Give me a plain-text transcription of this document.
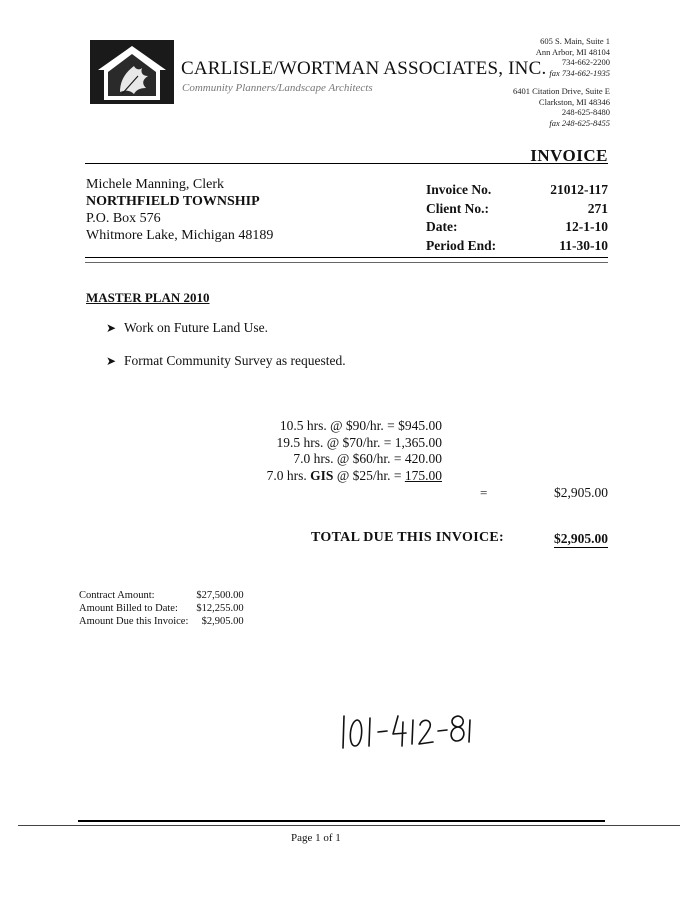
CARLISLE/WORTMAN ASSOCIATES, INC.
Community Planners/Landscape Architects
605 S. Main, Suite 1
Ann Arbor, MI 48104
734-662-2200
fax 734-662-1935
6401 Citation Drive, Suite E
Clarkston, MI 48346
248-625-8480
fax 248-625-8455
INVOICE
Michele Manning, Clerk
NORTHFIELD TOWNSHIP
P.O. Box 576
Whitmore Lake, Michigan 48189
Invoice No.
Client No.:
Date:
Period End:
21012-117
271
12-1-10
11-30-10
MASTER PLAN 2010
➤ Work on Future Land Use.
➤ Format Community Survey as requested.
10.5 hrs. @ $90/hr. = $945.00
19.5 hrs. @ $70/hr. = 1,365.00
7.0 hrs. @ $60/hr. = 420.00
7.0 hrs. GIS @ $25/hr. = 175.00
=	$2,905.00
TOTAL DUE THIS INVOICE:	$2,905.00
Contract Amount:
Amount Billed to Date:
Amount Due this Invoice:
$27,500.00
$12,255.00
$2,905.00
Page 1 of 1
